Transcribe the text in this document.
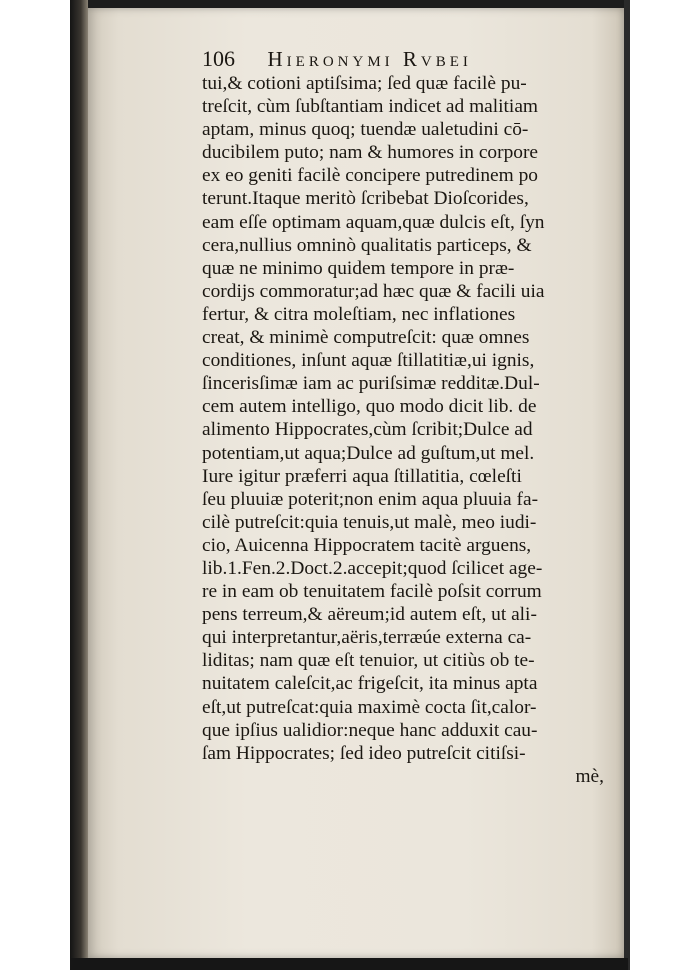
106 Hieronymi Rvbei
tui,& cotioni aptiſsima; ſed quæ facilè pu-
treſcit, cùm ſubſtantiam indicet ad malitiam
aptam, minus quoq; tuendæ ualetudini cō-
ducibilem puto; nam & humores in corpore
ex eo geniti facilè concipere putredinem po
terunt.Itaque meritò ſcribebat Dioſcorides,
eam eſſe optimam aquam,quæ dulcis eſt, ſyn
cera,nullius omninò qualitatis particeps, &
quæ ne minimo quidem tempore in præ-
cordijs commoratur;ad hæc quæ & facili uia
fertur, & citra moleſtiam, nec inflationes
creat, & minimè computreſcit: quæ omnes
conditiones, inſunt aquæ ſtillatitiæ,ui ignis,
ſincerisſimæ iam ac puriſsimæ redditæ.Dul-
cem autem intelligo, quo modo dicit lib. de
alimento Hippocrates,cùm ſcribit;Dulce ad
potentiam,ut aqua;Dulce ad guſtum,ut mel.
Iure igitur præferri aqua ſtillatitia, cœleſti
ſeu pluuiæ poterit;non enim aqua pluuia fa-
cilè putreſcit:quia tenuis,ut malè, meo iudi-
cio, Auicenna Hippocratem tacitè arguens,
lib.1.Fen.2.Doct.2.accepit;quod ſcilicet age-
re in eam ob tenuitatem facilè poſsit corrum
pens terreum,& aëreum;id autem eſt, ut ali-
qui interpretantur,aëris,terræúe externa ca-
liditas; nam quæ eſt tenuior, ut citiùs ob te-
nuitatem caleſcit,ac frigeſcit, ita minus apta
eſt,ut putreſcat:quia maximè cocta ſit,calor-
que ipſius ualidior:neque hanc adduxit cau-
ſam Hippocrates; ſed ideo putreſcit citiſsi-
mè,
